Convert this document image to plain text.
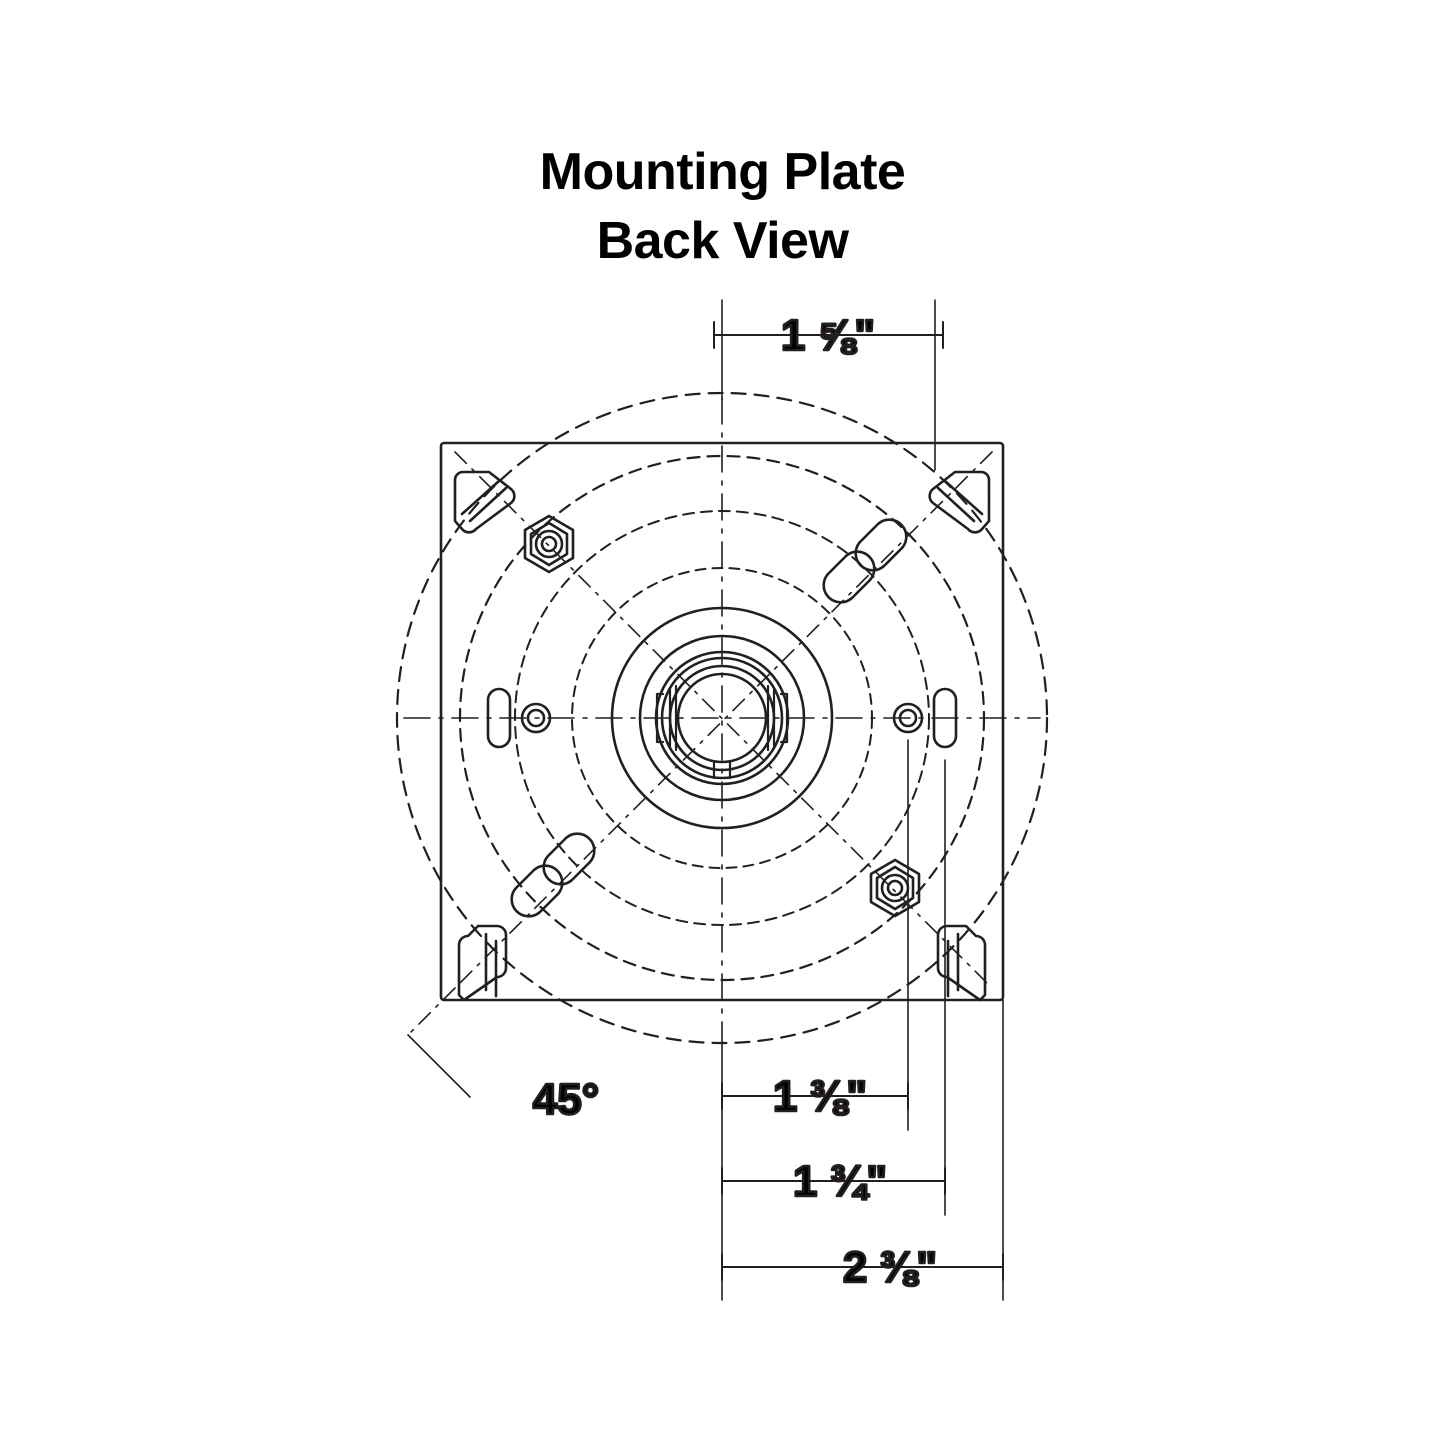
Mounting Plate
Back View
1 ⅝"
45°	1 ⅜"
1 ¾"
2 ⅜"
